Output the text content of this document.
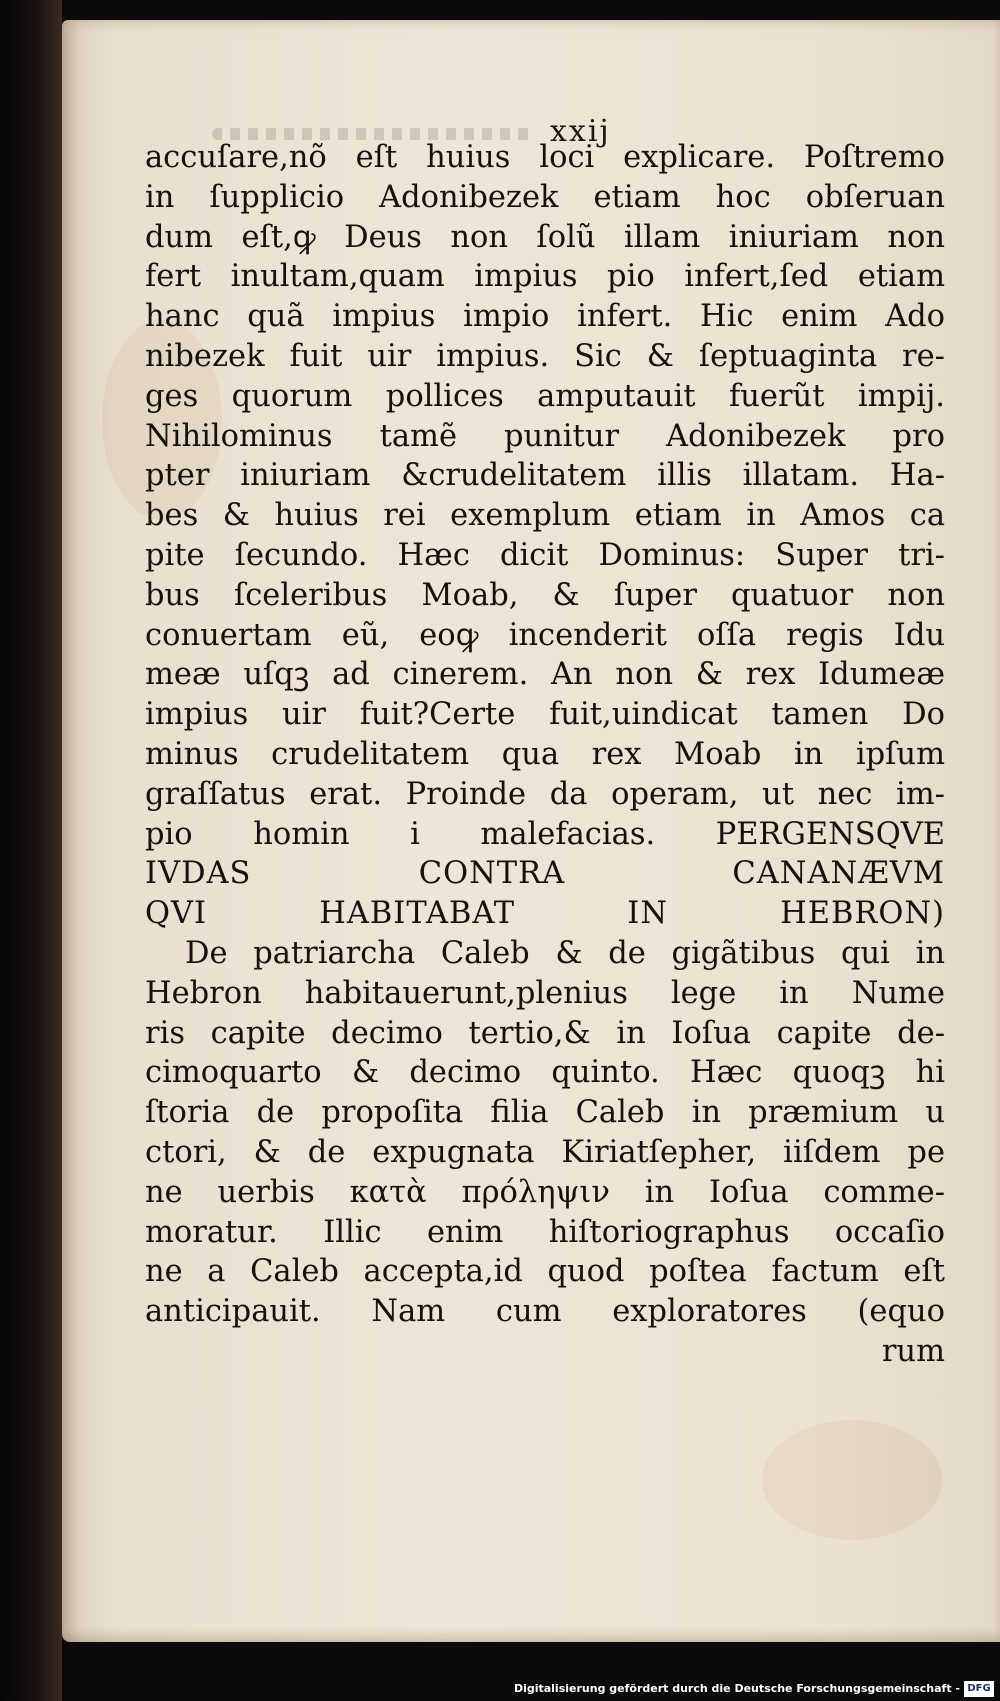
xxij
accuſare,nõ eſt huius loci explicare. Poſtremo
in ſupplicio Adonibezek etiam hoc obſeruan
dum eſt,ꝙ Deus non ſolũ illam iniuriam non
fert inultam,quam impius pio infert,ſed etiam
hanc quã impius impio infert. Hic enim Ado
nibezek fuit uir impius. Sic & ſeptuaginta re-
ges quorum pollices amputauit fuerũt impij.
Nihilominus tamẽ punitur Adonibezek pro
pter iniuriam &crudelitatem illis illatam. Ha-
bes & huius rei exemplum etiam in Amos ca
pite ſecundo. Hæc dicit Dominus: Super tri-
bus ſceleribus Moab, & ſuper quatuor non
conuertam eũ, eoꝙ incenderit oſſa regis Idu
meæ uſqꝫ ad cinerem. An non & rex Idumeæ
impius uir fuit?Certe fuit,uindicat tamen Do
minus crudelitatem qua rex Moab in ipſum
graſſatus erat. Proinde da operam, ut nec im-
pio homin i malefacias. PERGENSQVE
IVDAS CONTRA CANANÆVM
QVI HABITABAT IN HEBRON)
De patriarcha Caleb & de gigãtibus qui in
Hebron habitauerunt,plenius lege in Nume
ris capite decimo tertio,& in Ioſua capite de-
cimoquarto & decimo quinto. Hæc quoqꝫ hi
ſtoria de propoſita filia Caleb in præmium u
ctori, & de expugnata Kiriatſepher, iiſdem pe
ne uerbis κατὰ πρόληψιν in Ioſua comme-
moratur. Illic enim hiſtoriographus occaſio
ne a Caleb accepta,id quod poſtea factum eſt
anticipauit. Nam cum exploratores (equo
rum
Digitalisierung gefördert durch die Deutsche Forschungsgemeinschaft - DFG
